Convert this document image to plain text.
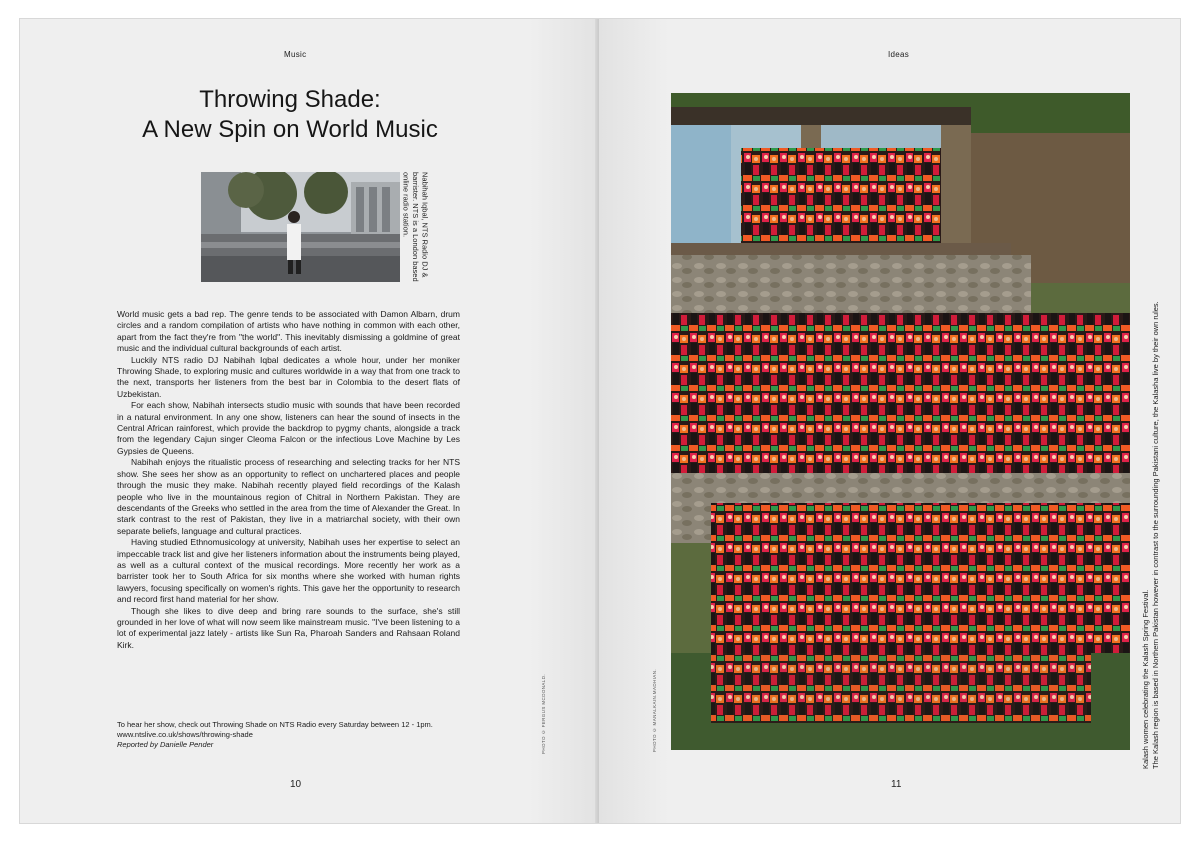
Music
Throwing Shade:
A New Spin on World Music
Nabihah Iqbal, NTS Radio DJ & barrister. NTS is a London based online radio station.

World music gets a bad rep. The genre tends to be associated with Damon Albarn, drum circles and a random compilation of artists who have nothing in common with each other, apart from the fact they're from "the world". This inevitably dismissing a goldmine of great music and the individual cultural backgrounds of each artist.

Luckily NTS radio DJ Nabihah Iqbal dedicates a whole hour, under her moniker Throwing Shade, to exploring music and cultures worldwide in a way that from one track to the next, transports her listeners from the best bar in Colombia to the desert flats of Uzbekistan.

For each show, Nabihah intersects studio music with sounds that have been recorded in a natural environment. In any one show, listeners can hear the sound of insects in the Central African rainforest, which provide the backdrop to pygmy chants, alongside a track from the legendary Cajun singer Cleoma Falcon or the infectious Love Machine by Les Gypsies de Queens.

Nabihah enjoys the ritualistic process of researching and selecting tracks for her NTS show. She sees her show as an opportunity to reflect on unchartered places and people through the music they make. Nabihah recently played field recordings of the Kalash people who live in the mountainous region of Chitral in Northern Pakistan. They are descendants of the Greeks who settled in the area from the time of Alexander the Great. In stark contrast to the rest of Pakistan, they live in a matriarchal society, with their own separate beliefs, language and cultural practices.

Having studied Ethnomusicology at university, Nabihah uses her expertise to select an impeccable track list and give her listeners information about the instruments being played, as well as a cultural context of the musical recordings. More recently her work as a barrister took her to South Africa for six months where she worked with human rights lawyers, focusing specifically on women's rights. This gave her the opportunity to research and record first hand material for her show.

Though she likes to dive deep and bring rare sounds to the surface, she's still grounded in her love of what will now seem like mainstream music. "I've been listening to a lot of experimental jazz lately - artists like Sun Ra, Pharoah Sanders and Rahsaan Roland Kirk.

To hear her show, check out Throwing Shade on NTS Radio every Saturday between 12 - 1pm.
www.ntslive.co.uk/shows/throwing-shade
Reported by Danielle Pender	PHOTO © FERGUS MCDONALD.
10
Ideas
PHOTO © MANALKAIN.MADHIAN.
11
Kalash women celebrating the Kalash Spring Festival. The Kalash region is based in Northern Pakistan however in contrast to the surrounding Pakistani culture, the Kalasha live by their own rules.
